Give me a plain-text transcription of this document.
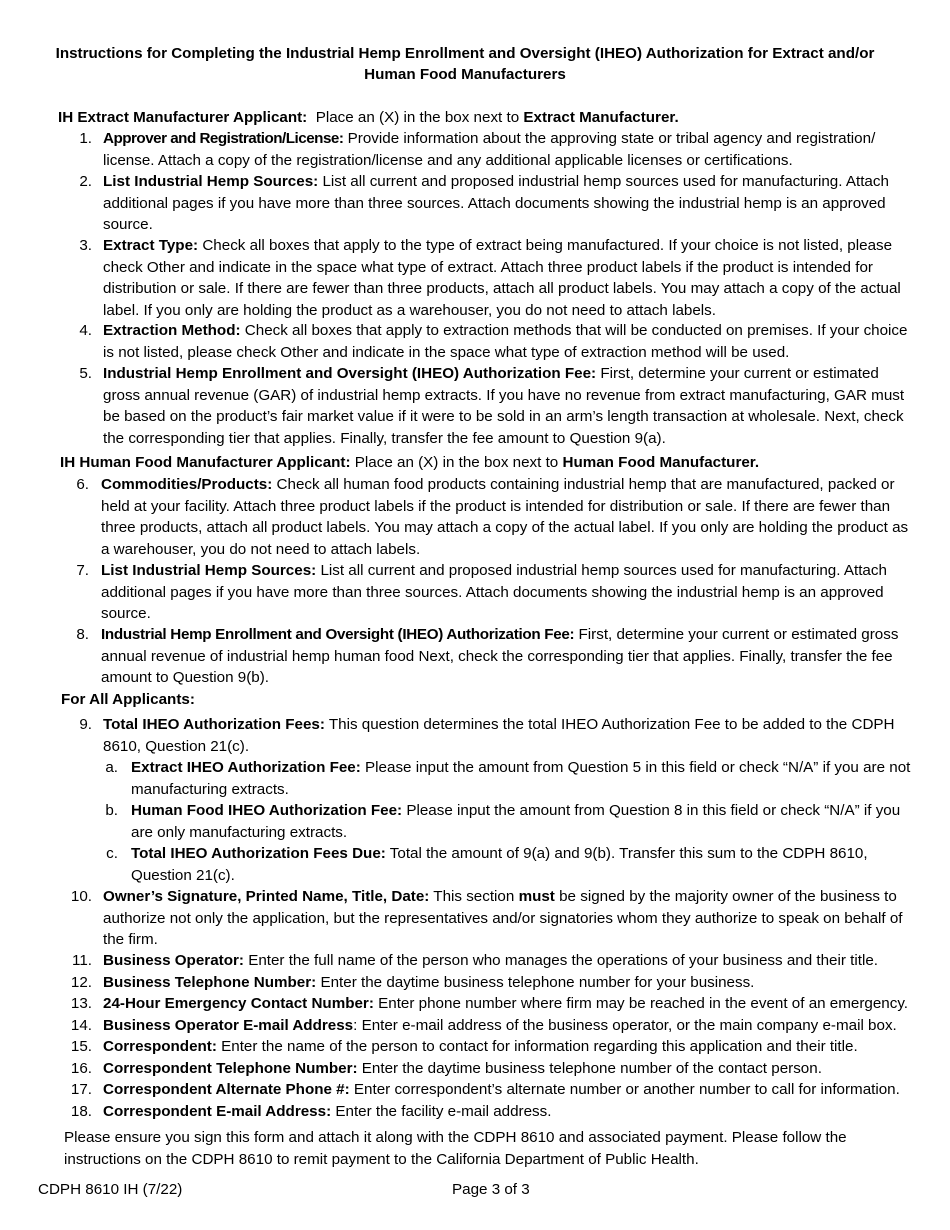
Instructions for Completing the Industrial Hemp Enrollment and Oversight (IHEO) Authorization for Extract and/or Human Food Manufacturers
IH Extract Manufacturer Applicant: Place an (X) in the box next to Extract Manufacturer.
1. Approver and Registration/License: Provide information about the approving state or tribal agency and registration/ license. Attach a copy of the registration/license and any additional applicable licenses or certifications.
2. List Industrial Hemp Sources: List all current and proposed industrial hemp sources used for manufacturing. Attach additional pages if you have more than three sources. Attach documents showing the industrial hemp is an approved source.
3. Extract Type: Check all boxes that apply to the type of extract being manufactured. If your choice is not listed, please check Other and indicate in the space what type of extract. Attach three product labels if the product is intended for distribution or sale. If there are fewer than three products, attach all product labels. You may attach a copy of the actual label. If you only are holding the product as a warehouser, you do not need to attach labels.
4. Extraction Method: Check all boxes that apply to extraction methods that will be conducted on premises. If your choice is not listed, please check Other and indicate in the space what type of extraction method will be used.
5. Industrial Hemp Enrollment and Oversight (IHEO) Authorization Fee: First, determine your current or estimated gross annual revenue (GAR) of industrial hemp extracts. If you have no revenue from extract manufacturing, GAR must be based on the product’s fair market value if it were to be sold in an arm’s length transaction at wholesale. Next, check the corresponding tier that applies. Finally, transfer the fee amount to Question 9(a).
IH Human Food Manufacturer Applicant: Place an (X) in the box next to Human Food Manufacturer.
6. Commodities/Products: Check all human food products containing industrial hemp that are manufactured, packed or held at your facility. Attach three product labels if the product is intended for distribution or sale. If there are fewer than three products, attach all product labels. You may attach a copy of the actual label. If you only are holding the product as a warehouser, you do not need to attach labels.
7. List Industrial Hemp Sources: List all current and proposed industrial hemp sources used for manufacturing. Attach additional pages if you have more than three sources. Attach documents showing the industrial hemp is an approved source.
8. Industrial Hemp Enrollment and Oversight (IHEO) Authorization Fee: First, determine your current or estimated gross annual revenue of industrial hemp human food Next, check the corresponding tier that applies. Finally, transfer the fee amount to Question 9(b).
For All Applicants:
9. Total IHEO Authorization Fees: This question determines the total IHEO Authorization Fee to be added to the CDPH 8610, Question 21(c).
a. Extract IHEO Authorization Fee: Please input the amount from Question 5 in this field or check “N/A” if you are not manufacturing extracts.
b. Human Food IHEO Authorization Fee: Please input the amount from Question 8 in this field or check “N/A” if you are only manufacturing extracts.
c. Total IHEO Authorization Fees Due: Total the amount of 9(a) and 9(b). Transfer this sum to the CDPH 8610, Question 21(c).
10. Owner’s Signature, Printed Name, Title, Date: This section must be signed by the majority owner of the business to authorize not only the application, but the representatives and/or signatories whom they authorize to speak on behalf of the firm.
11. Business Operator: Enter the full name of the person who manages the operations of your business and their title.
12. Business Telephone Number: Enter the daytime business telephone number for your business.
13. 24-Hour Emergency Contact Number: Enter phone number where firm may be reached in the event of an emergency.
14. Business Operator E-mail Address: Enter e-mail address of the business operator, or the main company e-mail box.
15. Correspondent: Enter the name of the person to contact for information regarding this application and their title.
16. Correspondent Telephone Number: Enter the daytime business telephone number of the contact person.
17. Correspondent Alternate Phone #: Enter correspondent’s alternate number or another number to call for information.
18. Correspondent E-mail Address: Enter the facility e-mail address.
Please ensure you sign this form and attach it along with the CDPH 8610 and associated payment. Please follow the instructions on the CDPH 8610 to remit payment to the California Department of Public Health.
CDPH 8610 IH (7/22)	Page 3 of 3
